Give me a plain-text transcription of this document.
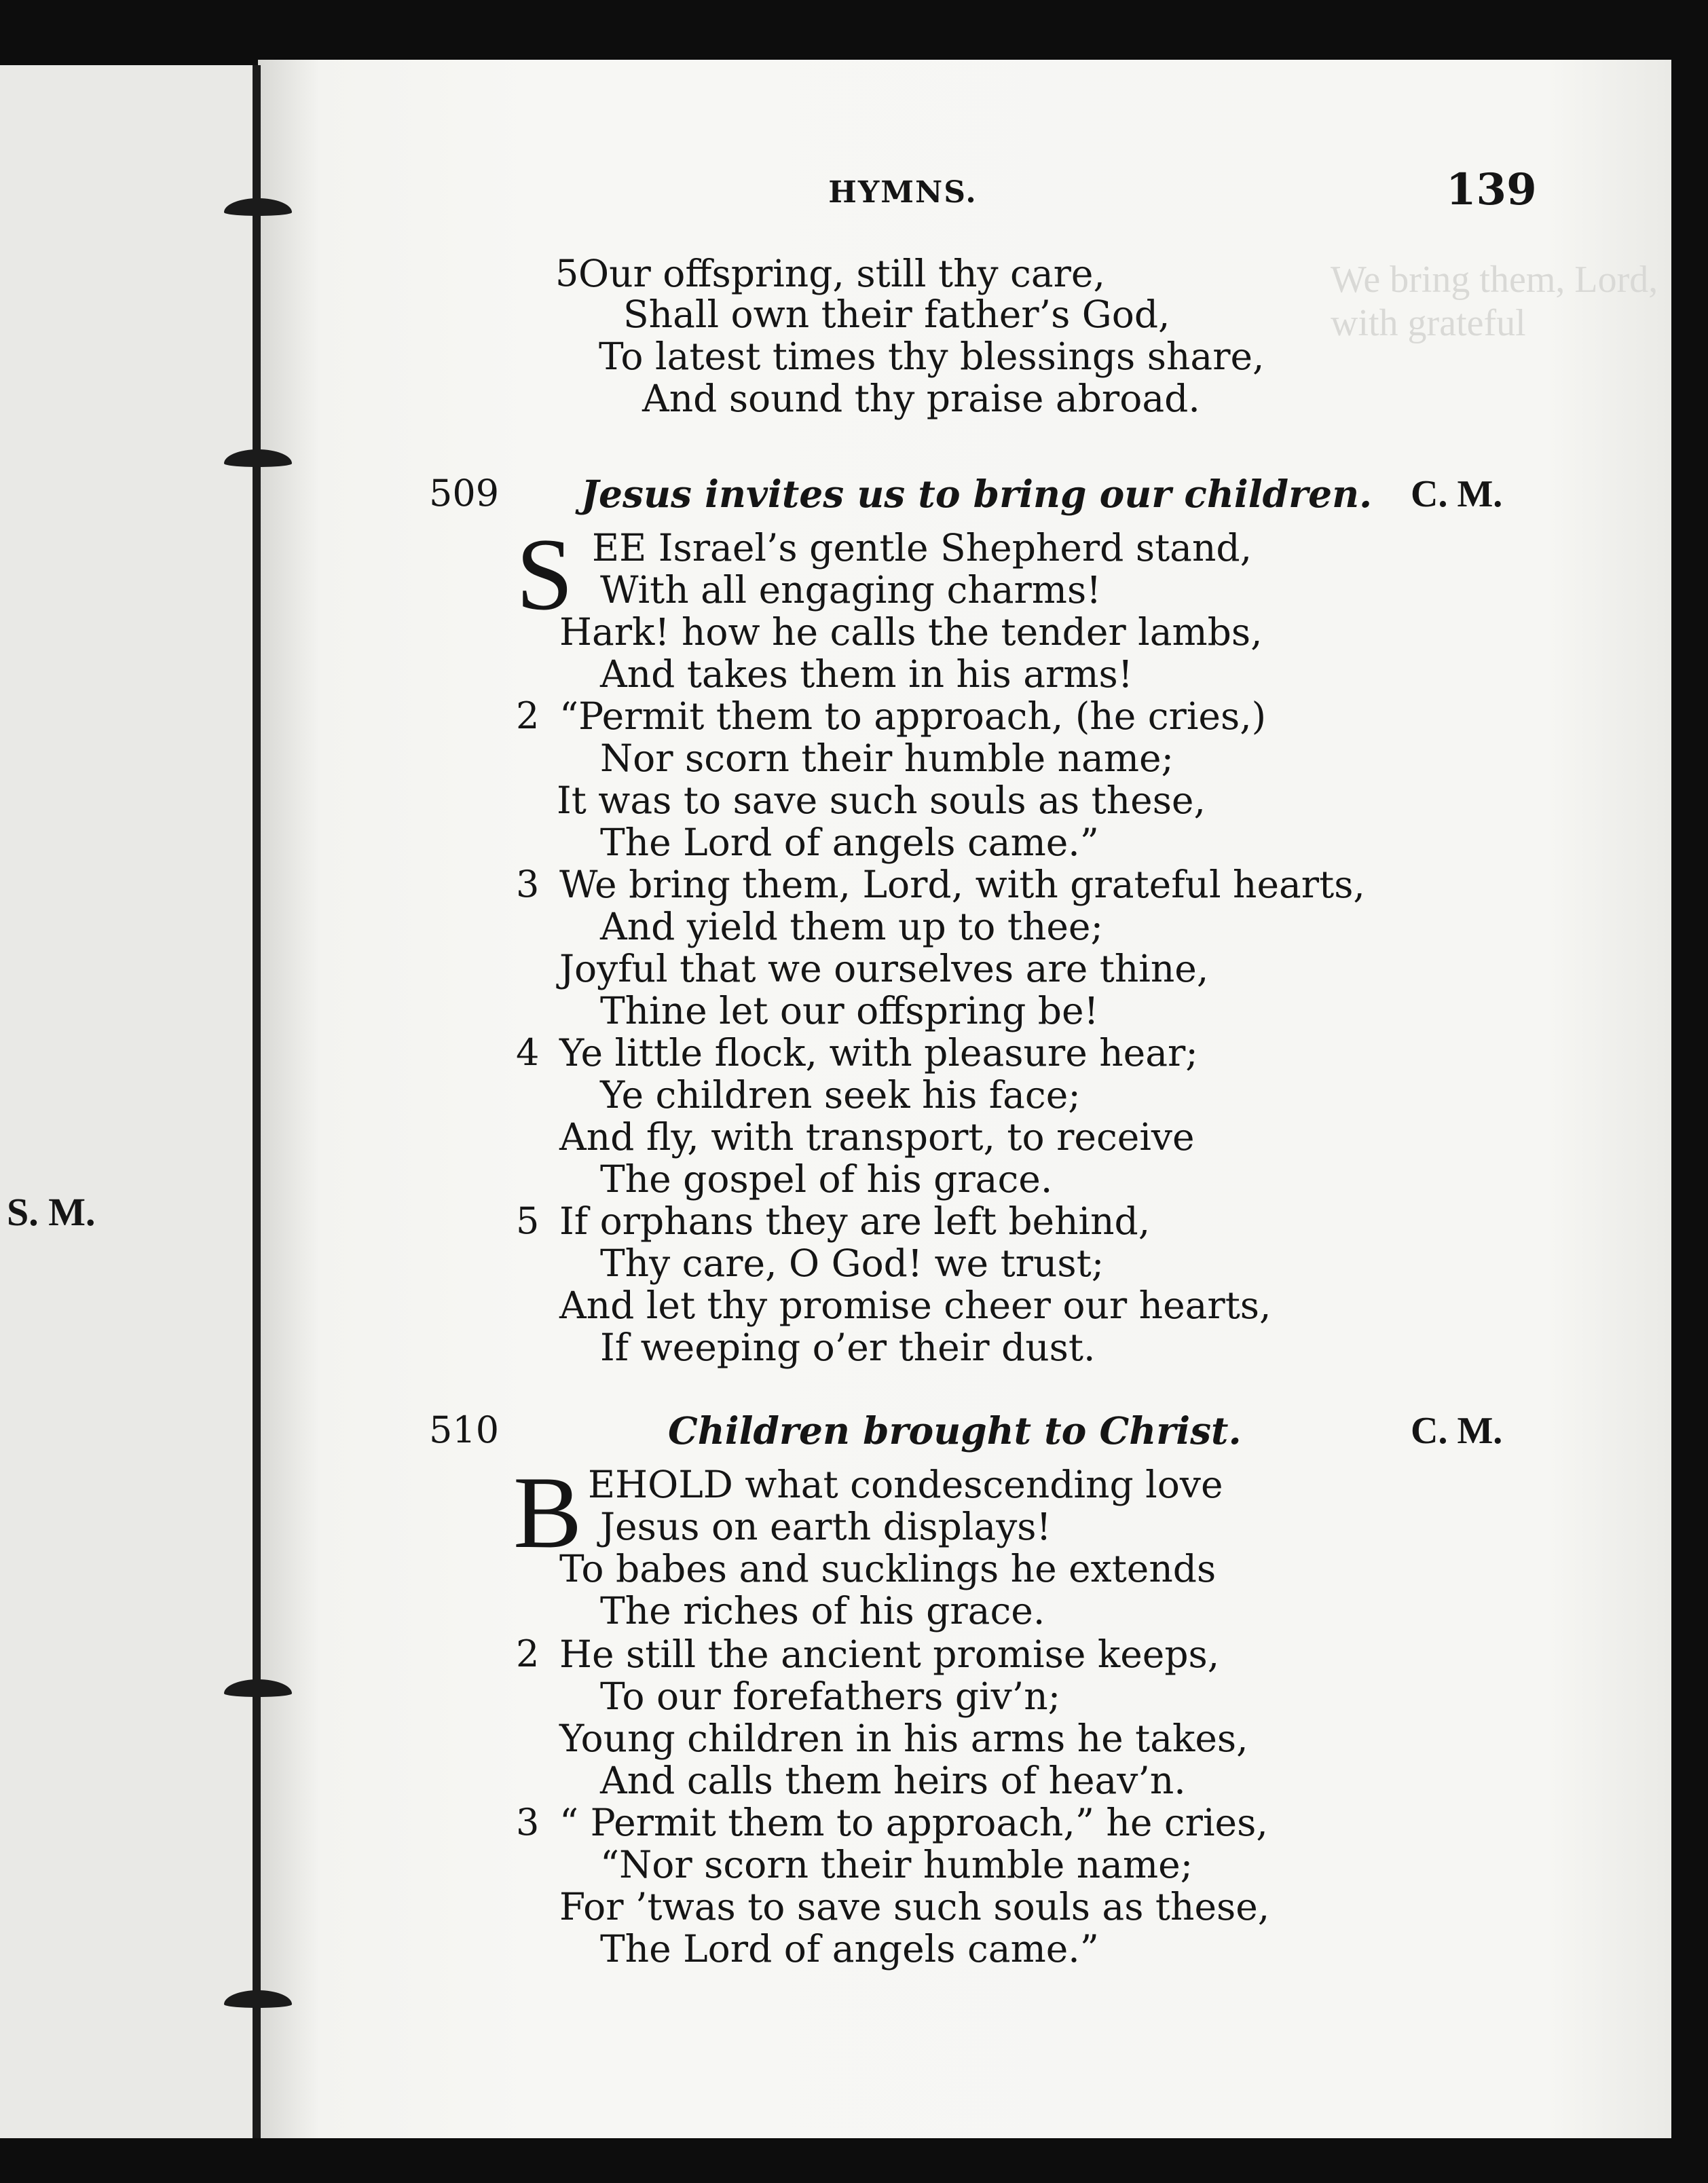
We bring them, Lord, with grateful
S. M.
HYMNS.	139
5 Our offspring, still thy care,
Shall own their father’s God,
To latest times thy blessings share,
And sound thy praise abroad.
509 Jesus invites us to bring our children. C. M.
S EE Israel’s gentle Shepherd stand,
With all engaging charms!
Hark! how he calls the tender lambs,
And takes them in his arms!
2 “Permit them to approach, (he cries,)
Nor scorn their humble name;
It was to save such souls as these,
The Lord of angels came.”
3 We bring them, Lord, with grateful hearts,
And yield them up to thee;
Joyful that we ourselves are thine,
Thine let our offspring be!
4 Ye little flock, with pleasure hear;
Ye children seek his face;
And fly, with transport, to receive
The gospel of his grace.
5 If orphans they are left behind,
Thy care, O God! we trust;
And let thy promise cheer our hearts,
If weeping o’er their dust.
510	Children brought to Christ.	C. M.
B EHOLD what condescending love
Jesus on earth displays!
To babes and sucklings he extends
The riches of his grace.
2 He still the ancient promise keeps,
To our forefathers giv’n;
Young children in his arms he takes,
And calls them heirs of heav’n.
3 “ Permit them to approach,” he cries,
“Nor scorn their humble name;
For ’twas to save such souls as these,
The Lord of angels came.”
